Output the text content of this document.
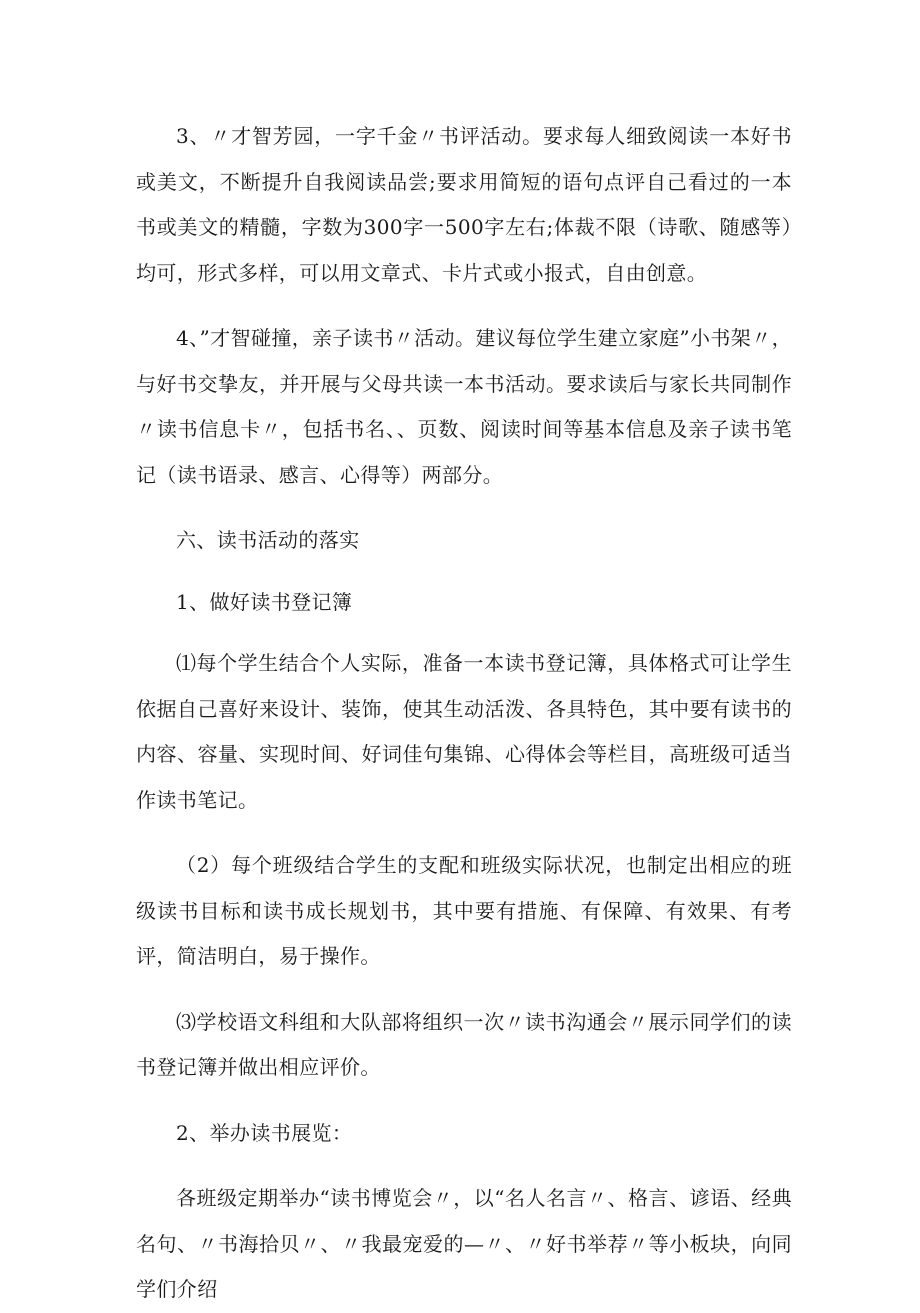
3、〃才智芳园，一字千金〃书评活动。要求每人细致阅读一本好书或美文，不断提升自我阅读品尝;要求用简短的语句点评自己看过的一本书或美文的精髓，字数为300字一500字左右;体裁不限（诗歌、随感等）均可，形式多样，可以用文章式、卡片式或小报式，自由创意。

4、”才智碰撞，亲子读书〃活动。建议每位学生建立家庭”小书架〃，与好书交挚友，并开展与父母共读一本书活动。要求读后与家长共同制作〃读书信息卡〃，包括书名、、页数、阅读时间等基本信息及亲子读书笔记（读书语录、感言、心得等）两部分。

六、读书活动的落实

1、做好读书登记簿

⑴每个学生结合个人实际，准备一本读书登记簿，具体格式可让学生依据自己喜好来设计、装饰，使其生动活泼、各具特色，其中要有读书的内容、容量、实现时间、好词佳句集锦、心得体会等栏目，高班级可适当作读书笔记。

（2）每个班级结合学生的支配和班级实际状况，也制定出相应的班级读书目标和读书成长规划书，其中要有措施、有保障、有效果、有考评，简洁明白，易于操作。

⑶学校语文科组和大队部将组织一次〃读书沟通会〃展示同学们的读书登记簿并做出相应评价。

2、举办读书展览：

各班级定期举办“读书博览会〃，以“名人名言〃、格言、谚语、经典名句、〃书海拾贝〃、〃我最宠爱的—〃、〃好书举荐〃等小板块，向同学们介绍
